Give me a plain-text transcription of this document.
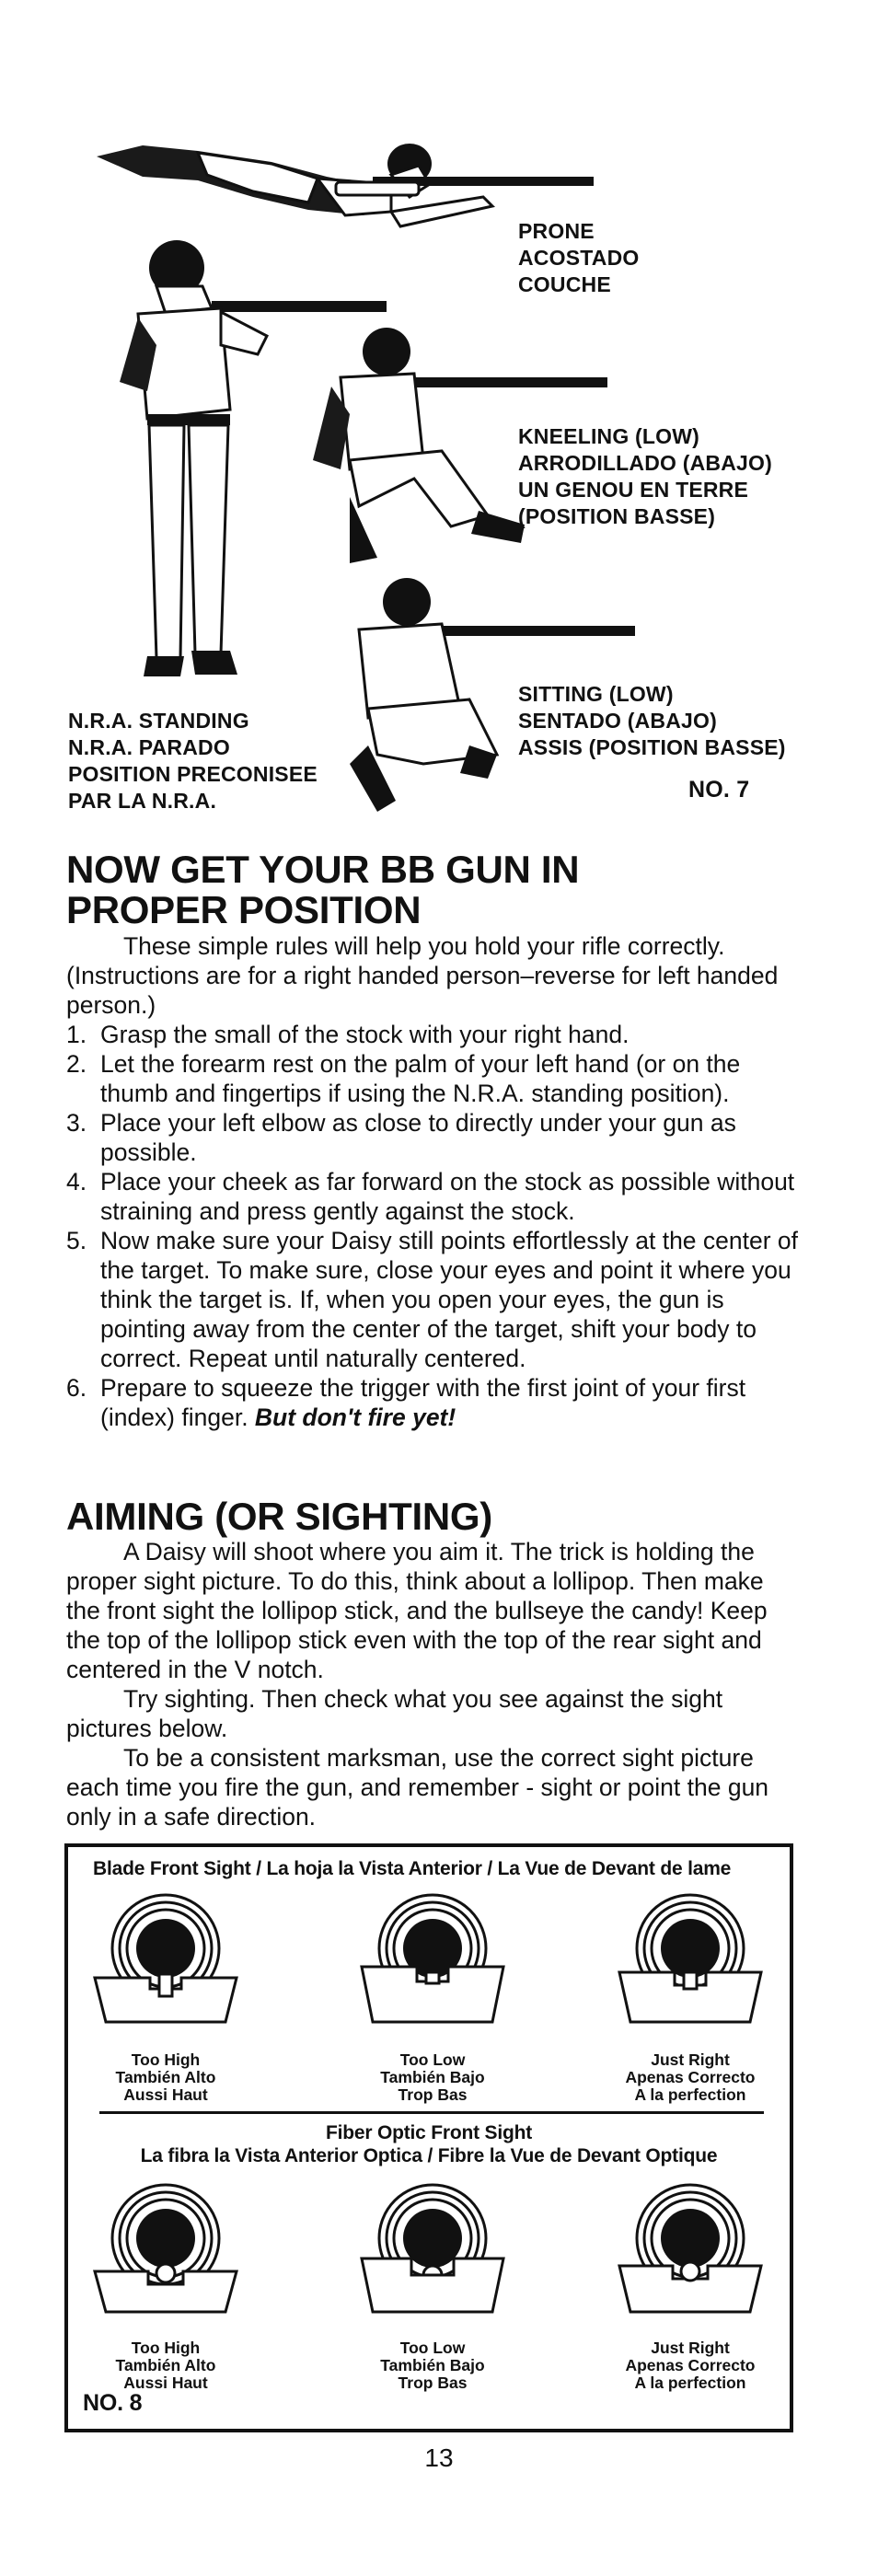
PRONE
ACOSTADO
COUCHE
KNEELING (LOW)
ARRODILLADO (ABAJO)
UN GENOU EN TERRE
(POSITION BASSE)
SITTING (LOW)
SENTADO (ABAJO)
ASSIS (POSITION BASSE)
N.R.A. STANDING
N.R.A. PARADO
POSITION PRECONISEE
PAR LA N.R.A.	NO. 7
NOW GET YOUR BB GUN IN
PROPER POSITION

These simple rules will help you hold your rifle correctly. (Instructions are for a right handed person–reverse for left handed person.)

1. Grasp the small of the stock with your right hand.
2. Let the forearm rest on the palm of your left hand (or on the thumb and fingertips if using the N.R.A. standing position).
3. Place your left elbow as close to directly under your gun as possible.
4. Place your cheek as far forward on the stock as possible without straining and press gently against the stock.
5. Now make sure your Daisy still points effortlessly at the center of the target. To make sure, close your eyes and point it where you think the target is. If, when you open your eyes, the gun is pointing away from the center of the target, shift your body to correct. Repeat until naturally centered.
6. Prepare to squeeze the trigger with the first joint of your first (index) finger. But don't fire yet!
AIMING (OR SIGHTING)

A Daisy will shoot where you aim it. The trick is holding the proper sight picture. To do this, think about a lollipop. Then make the front sight the lollipop stick, and the bullseye the candy! Keep the top of the lollipop stick even with the top of the rear sight and centered in the V notch.

Try sighting. Then check what you see against the sight pictures below.

To be a consistent marksman, use the correct sight picture each time you fire the gun, and remember - sight or point the gun only in a safe direction.

Blade Front Sight / La hoja la Vista Anterior / La Vue de Devant de lame
Too High
También Alto
Aussi Haut
Too Low
También Bajo
Trop Bas
Just Right
Apenas Correcto
A la perfection
Fiber Optic Front Sight
La fibra la Vista Anterior Optica / Fibre la Vue de Devant Optique
Too High
También Alto
Aussi Haut
Too Low
También Bajo
Trop Bas
Just Right
Apenas Correcto
A la perfection
NO. 8
13
